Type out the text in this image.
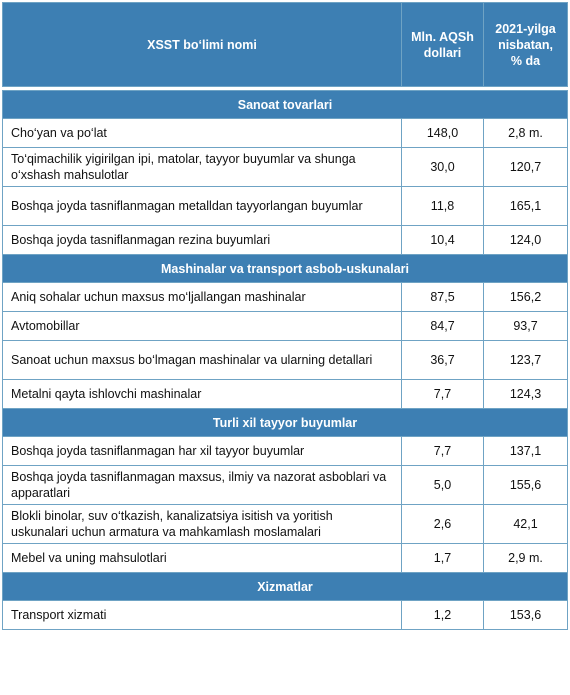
XSST bo‘limi nomi	Mln. AQSh dollari	2021-yilga nisbatan, % da

Sanoat tovarlari		
Cho‘yan va po‘lat	148,0	2,8 m.
To‘qimachilik yigirilgan ipi, matolar, tayyor buyumlar va shunga o‘xshash mahsulotlar	30,0	120,7
Boshqa joyda tasniflanmagan metalldan tayyorlangan buyumlar	11,8	165,1
Boshqa joyda tasniflanmagan rezina buyumlari	10,4	124,0
Mashinalar va transport asbob-uskunalari		
Aniq sohalar uchun maxsus mo‘ljallangan mashinalar	87,5	156,2
Avtomobillar	84,7	93,7
Sanoat uchun maxsus bo‘lmagan mashinalar va ularning detallari	36,7	123,7
Metalni qayta ishlovchi mashinalar	7,7	124,3
Turli xil tayyor buyumlar		
Boshqa joyda tasniflanmagan har xil tayyor buyumlar	7,7	137,1
Boshqa joyda tasniflanmagan maxsus, ilmiy va nazorat asboblari va apparatlari	5,0	155,6
Blokli binolar, suv o‘tkazish, kanalizatsiya isitish va yoritish uskunalari uchun armatura va mahkamlash moslamalari	2,6	42,1
Mebel va uning mahsulotlari	1,7	2,9 m.
Xizmatlar		
Transport xizmati	1,2	153,6
